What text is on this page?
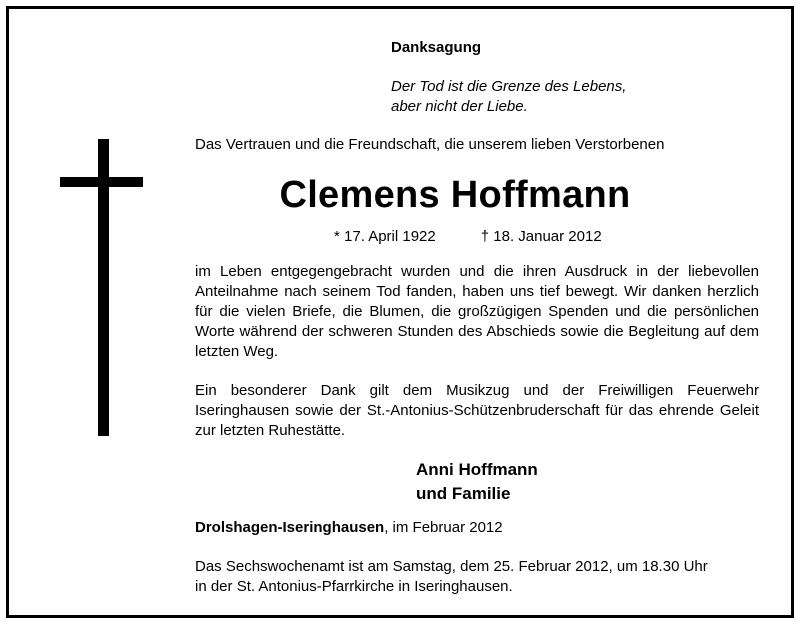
Danksagung
Der Tod ist die Grenze des Lebens,
aber nicht der Liebe.
Das Vertrauen und die Freundschaft, die unserem lieben Verstorbenen
Clemens Hoffmann
* 17. April 1922	† 18. Januar 2012
im Leben entgegengebracht wurden und die ihren Ausdruck in der liebevollen Anteilnahme nach seinem Tod fanden, haben uns tief bewegt. Wir danken herzlich für die vielen Briefe, die Blumen, die großzügigen Spenden und die persönlichen Worte während der schweren Stunden des Abschieds sowie die Begleitung auf dem letzten Weg.
Ein besonderer Dank gilt dem Musikzug und der Freiwilligen Feuerwehr Iseringhausen sowie der St.-Antonius-Schützenbruderschaft für das ehrende Geleit zur letzten Ruhestätte.
Anni Hoffmann
und Familie
Drolshagen-Iseringhausen, im Februar 2012
Das Sechswochenamt ist am Samstag, dem 25. Februar 2012, um 18.30 Uhr
in der St. Antonius-Pfarrkirche in Iseringhausen.
